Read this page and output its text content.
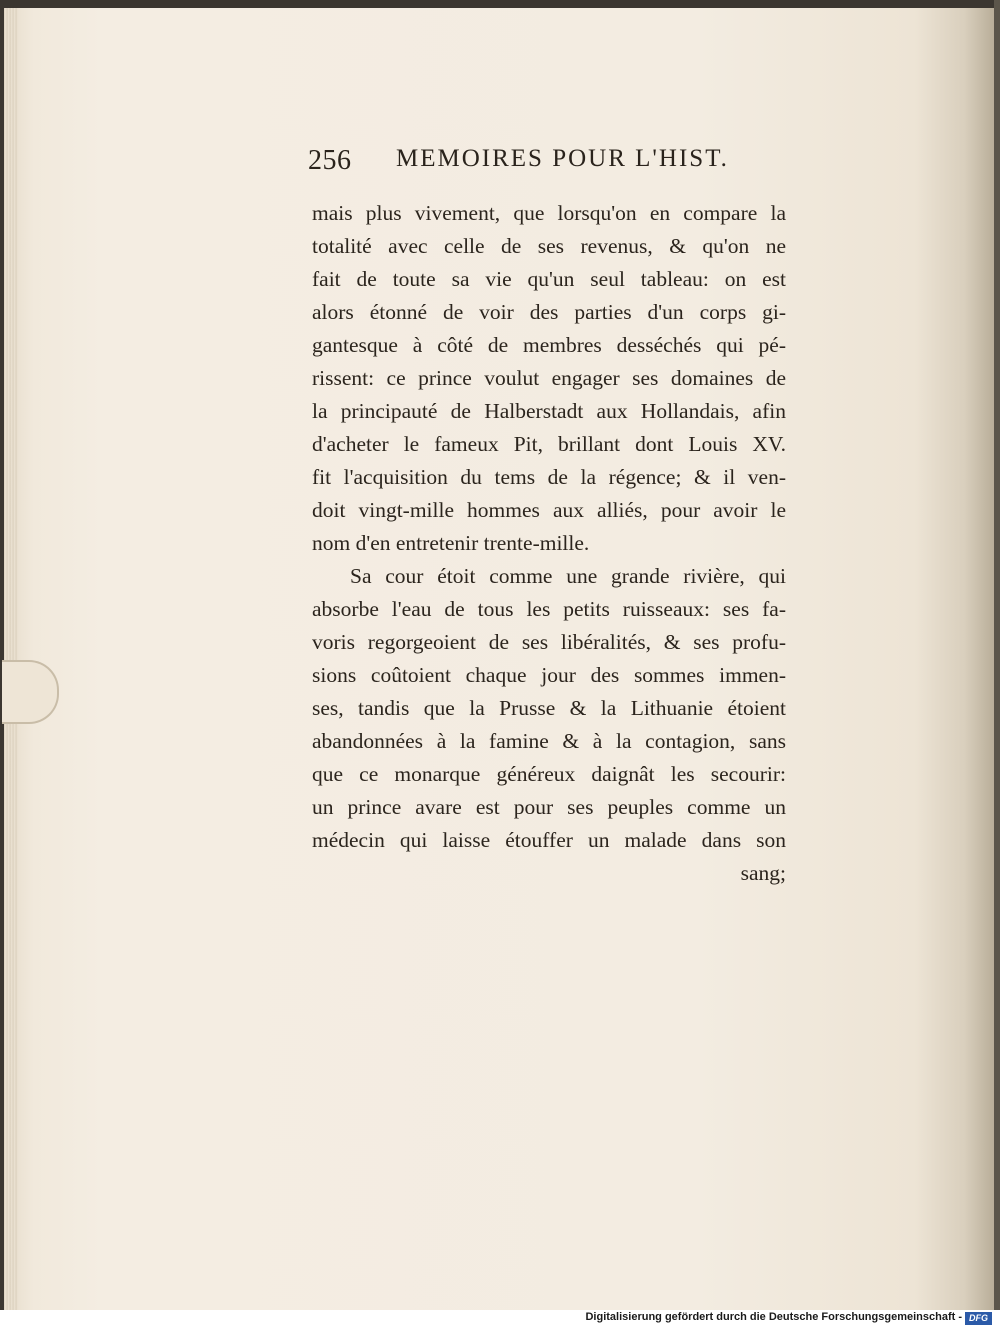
256 MEMOIRES POUR L'HIST.
mais plus vivement, que lorsqu'on en compare la
totalité avec celle de ses revenus, & qu'on ne
fait de toute sa vie qu'un seul tableau: on est
alors étonné de voir des parties d'un corps gi-
gantesque à côté de membres desséchés qui pé-
rissent: ce prince voulut engager ses domaines de
la principauté de Halberstadt aux Hollandais, afin
d'acheter le fameux Pit, brillant dont Louis XV.
fit l'acquisition du tems de la régence; & il ven-
doit vingt-mille hommes aux alliés, pour avoir le
nom d'en entretenir trente-mille.
Sa cour étoit comme une grande rivière, qui
absorbe l'eau de tous les petits ruisseaux: ses fa-
voris regorgeoient de ses libéralités, & ses profu-
sions coûtoient chaque jour des sommes immen-
ses, tandis que la Prusse & la Lithuanie étoient
abandonnées à la famine & à la contagion, sans
que ce monarque généreux daignât les secourir:
un prince avare est pour ses peuples comme un
médecin qui laisse étouffer un malade dans son
sang;
Digitalisierung gefördert durch die Deutsche Forschungsgemeinschaft - DFG
